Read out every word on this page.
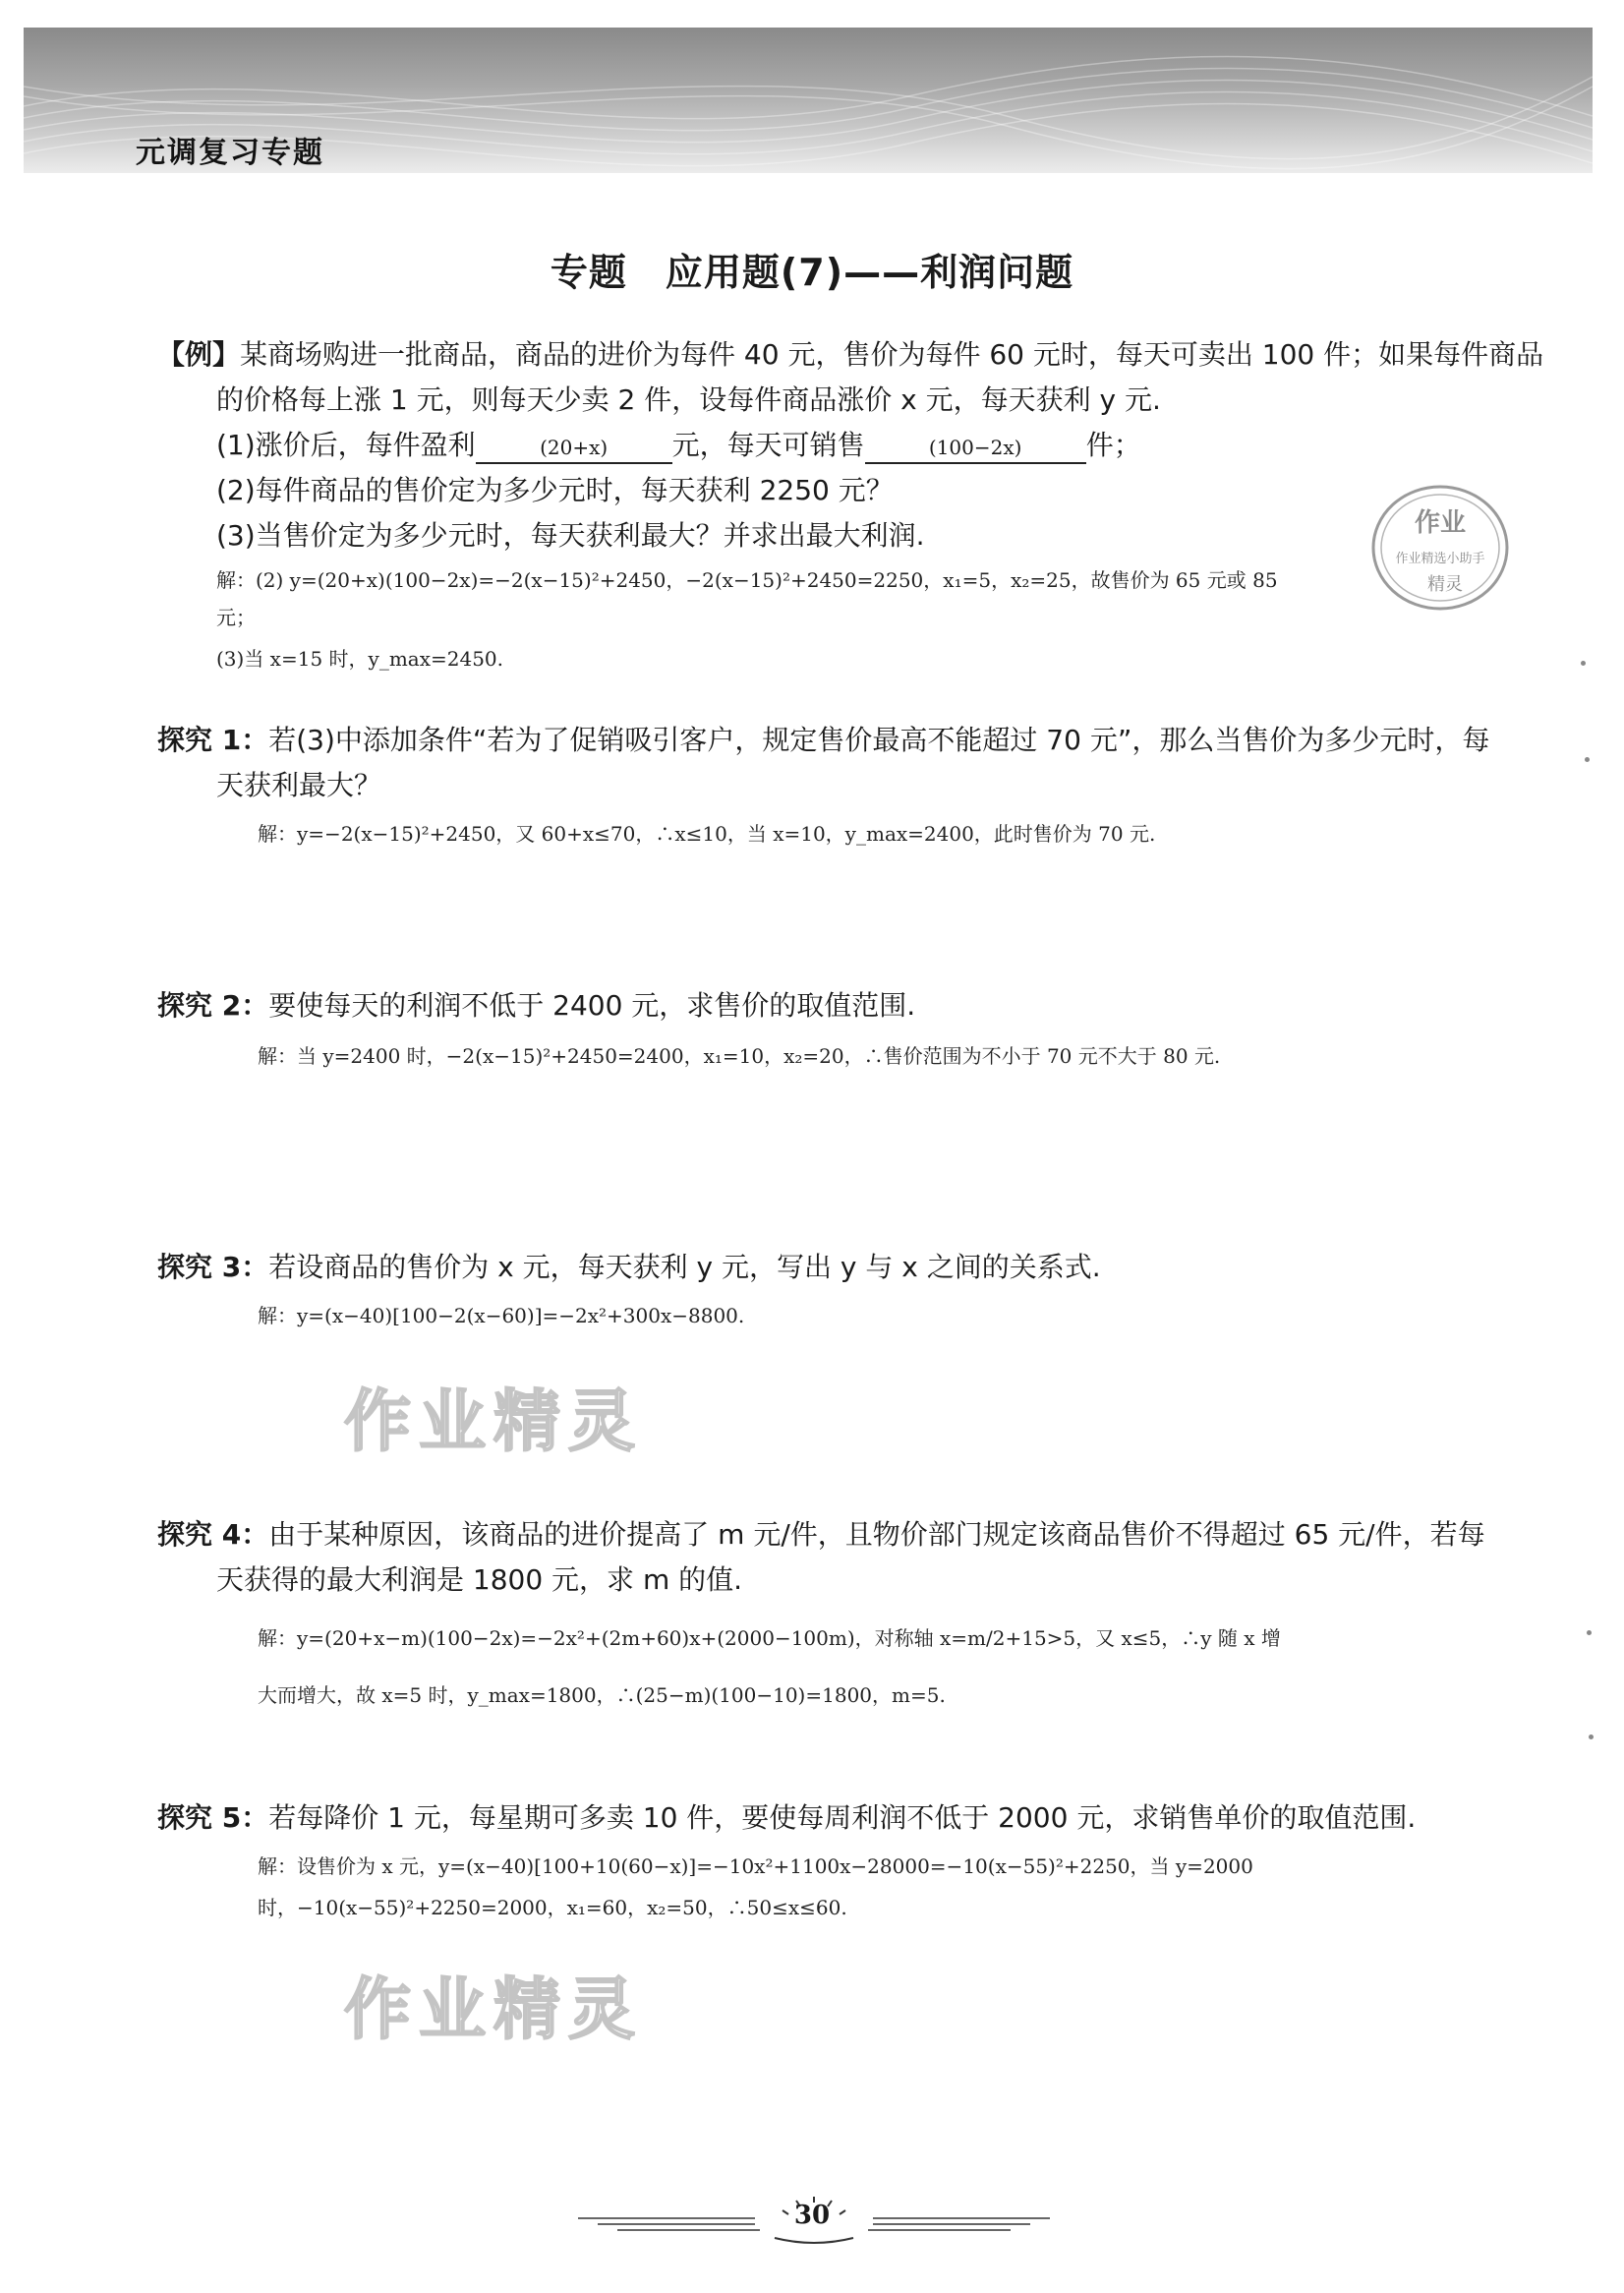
元调复习专题
专题　应用题(7)——利润问题
【例】某商场购进一批商品，商品的进价为每件 40 元，售价为每件 60 元时，每天可卖出 100 件；如果每件商品
的价格每上涨 1 元，则每天少卖 2 件，设每件商品涨价 x 元，每天获利 y 元.
(1)涨价后，每件盈利	(20+x) 元，每天可销售	(100−2x) 件；
(2)每件商品的售价定为多少元时，每天获利 2250 元？
(3)当售价定为多少元时，每天获利最大？并求出最大利润.
解：(2) y=(20+x)(100−2x)=−2(x−15)²+2450，−2(x−15)²+2450=2250，x₁=5，x₂=25，故售价为 65 元或 85
元；
(3)当 x=15 时，y_max=2450.
作业
作业精选小助手
精灵
探究 1：若(3)中添加条件“若为了促销吸引客户，规定售价最高不能超过 70 元”，那么当售价为多少元时，每
天获利最大？
解：y=−2(x−15)²+2450，又 60+x≤70，∴x≤10，当 x=10，y_max=2400，此时售价为 70 元.
探究 2：要使每天的利润不低于 2400 元，求售价的取值范围.
解：当 y=2400 时，−2(x−15)²+2450=2400，x₁=10，x₂=20，∴售价范围为不小于 70 元不大于 80 元.
探究 3：若设商品的售价为 x 元，每天获利 y 元，写出 y 与 x 之间的关系式.
解：y=(x−40)[100−2(x−60)]=−2x²+300x−8800.
作业精灵
探究 4：由于某种原因，该商品的进价提高了 m 元/件，且物价部门规定该商品售价不得超过 65 元/件，若每
天获得的最大利润是 1800 元，求 m 的值.
解：y=(20+x−m)(100−2x)=−2x²+(2m+60)x+(2000−100m)，对称轴 x=m/2+15>5，又 x≤5，∴y 随 x 增
大而增大，故 x=5 时，y_max=1800，∴(25−m)(100−10)=1800，m=5.
探究 5：若每降价 1 元，每星期可多卖 10 件，要使每周利润不低于 2000 元，求销售单价的取值范围.
解：设售价为 x 元，y=(x−40)[100+10(60−x)]=−10x²+1100x−28000=−10(x−55)²+2250，当 y=2000
时，−10(x−55)²+2250=2000，x₁=60，x₂=50，∴50≤x≤60.
作业精灵
30
